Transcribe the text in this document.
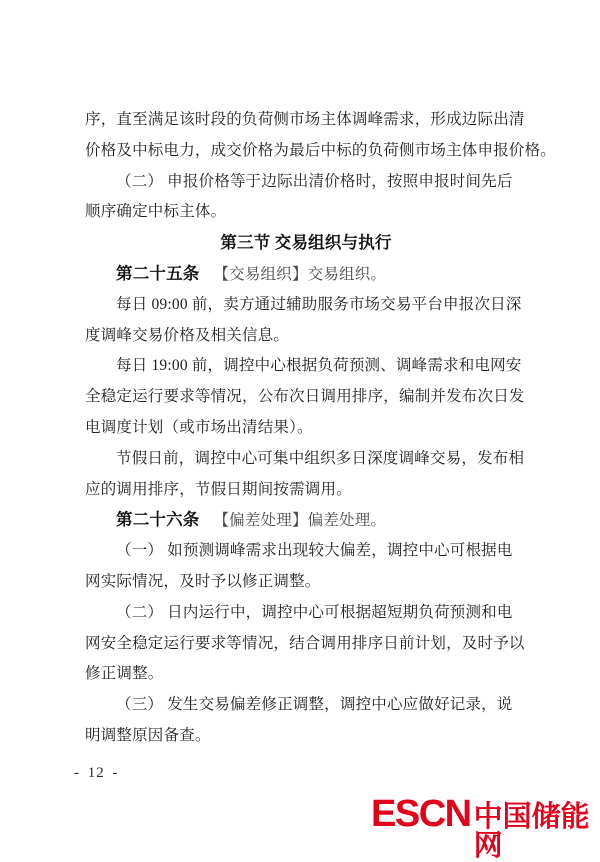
序，直至满足该时段的负荷侧市场主体调峰需求，形成边际出清
价格及中标电力，成交价格为最后中标的负荷侧市场主体申报价格。
（二） 申报价格等于边际出清价格时，按照申报时间先后
顺序确定中标主体。
第三节 交易组织与执行
第二十五条 【交易组织】交易组织。
每日 09:00 前，卖方通过辅助服务市场交易平台申报次日深
度调峰交易价格及相关信息。
每日 19:00 前，调控中心根据负荷预测、调峰需求和电网安
全稳定运行要求等情况，公布次日调用排序，编制并发布次日发
电调度计划（或市场出清结果）。
节假日前，调控中心可集中组织多日深度调峰交易，发布相
应的调用排序，节假日期间按需调用。
第二十六条 【偏差处理】偏差处理。
（一） 如预测调峰需求出现较大偏差，调控中心可根据电
网实际情况，及时予以修正调整。
（二） 日内运行中，调控中心可根据超短期负荷预测和电
网安全稳定运行要求等情况，结合调用排序日前计划，及时予以
修正调整。
（三） 发生交易偏差修正调整，调控中心应做好记录，说
明调整原因备查。
- 12 -
ESCN 中国储能网
